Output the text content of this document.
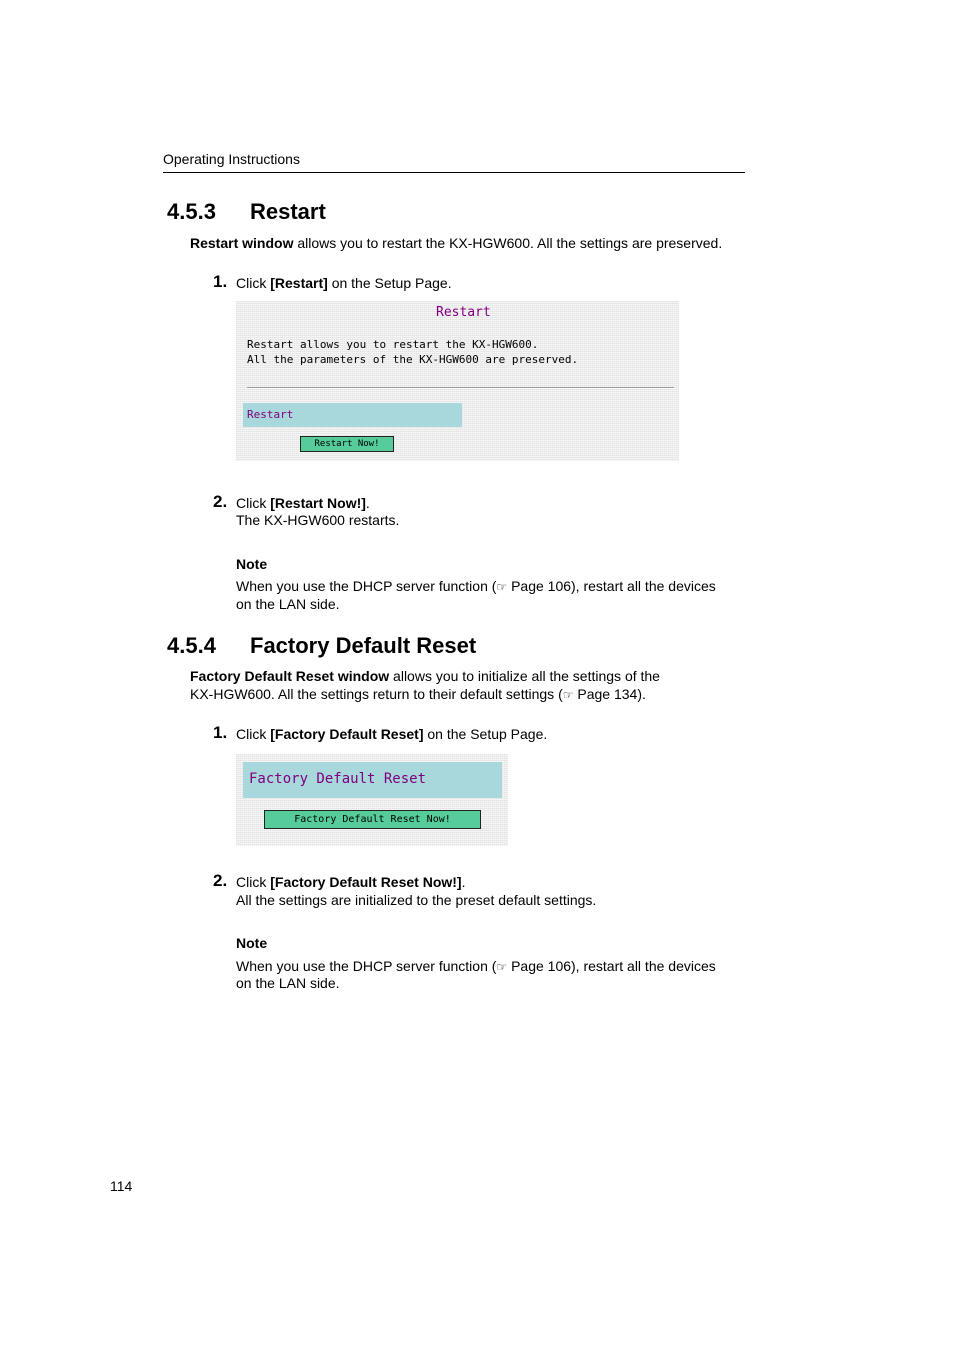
Operating Instructions
4.5.3 Restart
Restart window allows you to restart the KX-HGW600. All the settings are preserved.
1. Click [Restart] on the Setup Page.
Restart
Restart allows you to restart the KX-HGW600.
All the parameters of the KX-HGW600 are preserved.
Restart
Restart Now!
2. Click [Restart Now!].
The KX-HGW600 restarts.
Note
When you use the DHCP server function (☞ Page 106), restart all the devices
on the LAN side.
4.5.4 Factory Default Reset
Factory Default Reset window allows you to initialize all the settings of the
KX-HGW600. All the settings return to their default settings (☞ Page 134).
1. Click [Factory Default Reset] on the Setup Page.
Factory Default Reset
Factory Default Reset Now!
2. Click [Factory Default Reset Now!].
All the settings are initialized to the preset default settings.
Note
When you use the DHCP server function (☞ Page 106), restart all the devices
on the LAN side.
114
